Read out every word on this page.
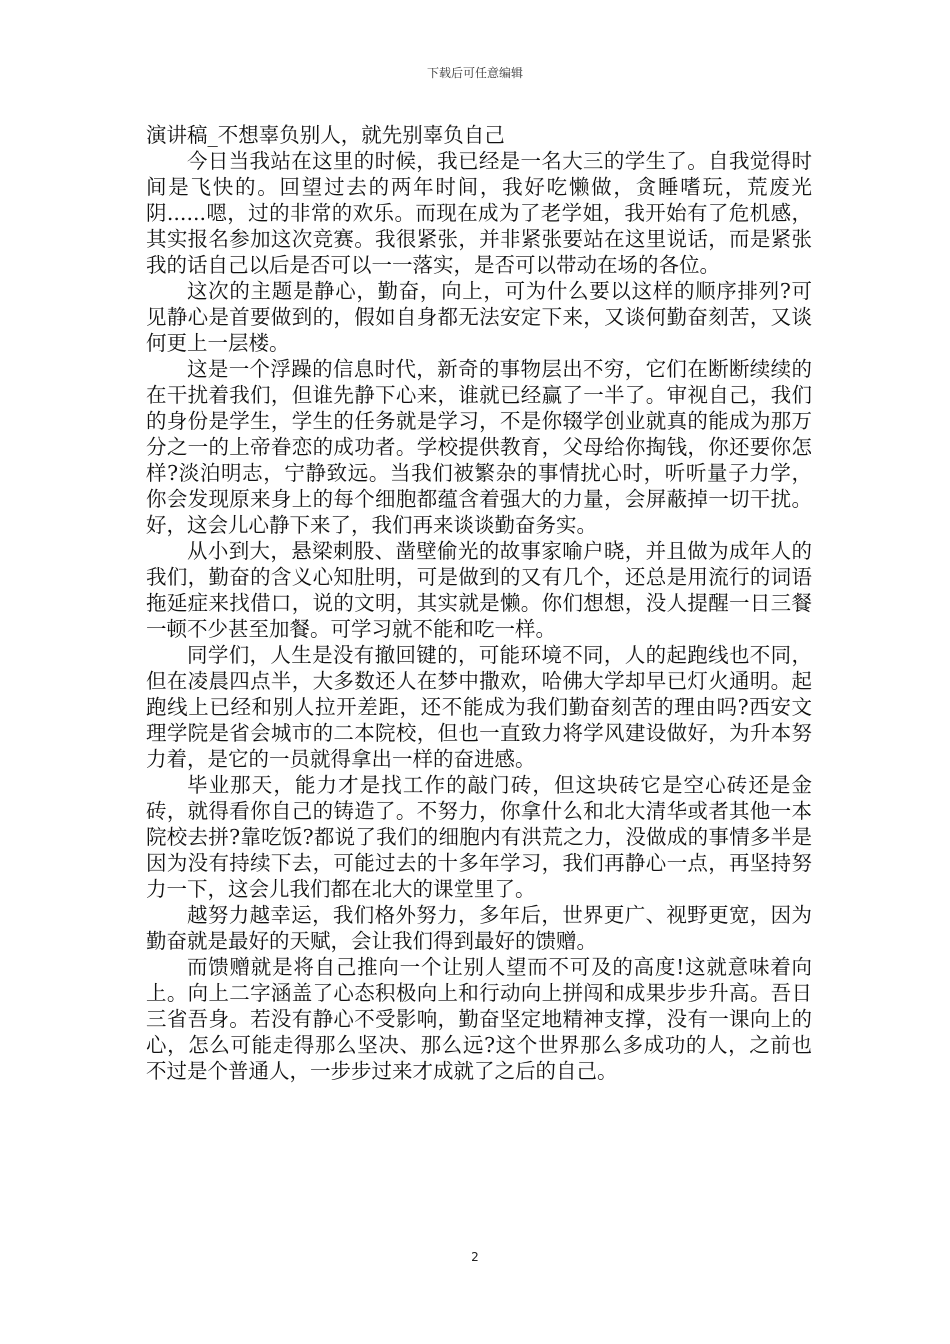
下载后可任意编辑

演讲稿_不想辜负别人，就先别辜负自己

今日当我站在这里的时候，我已经是一名大三的学生了。自我觉得时间是飞快的。回望过去的两年时间，我好吃懒做，贪睡嗜玩，荒废光阴......嗯，过的非常的欢乐。而现在成为了老学姐，我开始有了危机感，其实报名参加这次竞赛。我很紧张，并非紧张要站在这里说话，而是紧张我的话自己以后是否可以一一落实，是否可以带动在场的各位。

这次的主题是静心，勤奋，向上，可为什么要以这样的顺序排列?可见静心是首要做到的，假如自身都无法安定下来，又谈何勤奋刻苦，又谈何更上一层楼。

这是一个浮躁的信息时代，新奇的事物层出不穷，它们在断断续续的在干扰着我们，但谁先静下心来，谁就已经赢了一半了。审视自己，我们的身份是学生，学生的任务就是学习，不是你辍学创业就真的能成为那万分之一的上帝眷恋的成功者。学校提供教育，父母给你掏钱，你还要你怎样?淡泊明志，宁静致远。当我们被繁杂的事情扰心时，听听量子力学，你会发现原来身上的每个细胞都蕴含着强大的力量，会屏蔽掉一切干扰。好，这会儿心静下来了，我们再来谈谈勤奋务实。

从小到大，悬梁刺股、凿壁偷光的故事家喻户晓，并且做为成年人的我们，勤奋的含义心知肚明，可是做到的又有几个，还总是用流行的词语拖延症来找借口，说的文明，其实就是懒。你们想想，没人提醒一日三餐一顿不少甚至加餐。可学习就不能和吃一样。

同学们，人生是没有撤回键的，可能环境不同，人的起跑线也不同，但在凌晨四点半，大多数还人在梦中撒欢，哈佛大学却早已灯火通明。起跑线上已经和别人拉开差距，还不能成为我们勤奋刻苦的理由吗?西安文理学院是省会城市的二本院校，但也一直致力将学风建设做好，为升本努力着，是它的一员就得拿出一样的奋进感。

毕业那天，能力才是找工作的敲门砖，但这块砖它是空心砖还是金砖，就得看你自己的铸造了。不努力，你拿什么和北大清华或者其他一本院校去拼?靠吃饭?都说了我们的细胞内有洪荒之力，没做成的事情多半是因为没有持续下去，可能过去的十多年学习，我们再静心一点，再坚持努力一下，这会儿我们都在北大的课堂里了。

越努力越幸运，我们格外努力，多年后，世界更广、视野更宽，因为勤奋就是最好的天赋，会让我们得到最好的馈赠。

而馈赠就是将自己推向一个让别人望而不可及的高度!这就意味着向上。向上二字涵盖了心态积极向上和行动向上拼闯和成果步步升高。吾日三省吾身。若没有静心不受影响，勤奋坚定地精神支撑，没有一课向上的心，怎么可能走得那么坚决、那么远?这个世界那么多成功的人，之前也不过是个普通人，一步步过来才成就了之后的自己。

2
